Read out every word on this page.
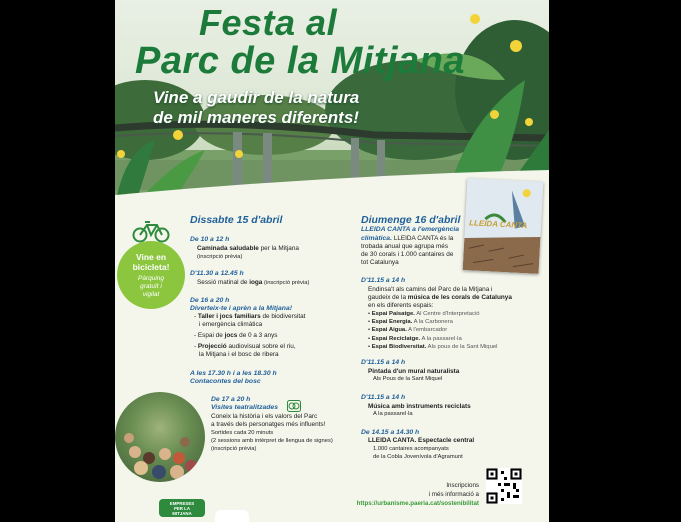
Festa al
Parc de la Mitjana
Vine a gaudir de la natura
de mil maneres diferents!
Vine en
bicicleta!
Pàrquing
gratuït i
vigilat
Dissabte 15 d'abril
De 10 a 12 h
Caminada saludable per la Mitjana
(inscripció prèvia)
D'11.30 a 12.45 h
Sessió matinal de ioga (inscripció prèvia)
De 16 a 20 h
Diverteix-te i aprèn a la Mitjana!
- Taller i jocs familiars de biodiversitat
i emergència climàtica
- Espai de jocs de 0 a 3 anys
- Projecció audiovisual sobre el riu,
la Mitjana i el bosc de ribera
A les 17.30 h i a les 18.30 h
Contacontes del bosc
De 17 a 20 h
Visites teatralitzades
Coneix la història i els valors del Parc
a través dels personatges més influents!
Sortides cada 20 minuts
(2 sessions amb intèrpret de llengua de signes)
(inscripció prèvia)
Diumenge 16 d'abril
LLEIDA CANTA a l'emergència
climàtica. LLEIDA CANTA és la
trobada anual que agrupa més
de 30 corals i 1.000 cantaires de
tot Catalunya
LLEIDA CANTA
D'11.15 a 14 h
Endinsa't als camins del Parc de la Mitjana i
gaudeix de la música de les corals de Catalunya
en els diferents espais:
• Espai Paisatge. Al Centre d'Interpretació
• Espai Energia. A la Carbonera
• Espai Aigua. A l'embarcador
• Espai Reciclatge. A la passarel·la
• Espai Biodiversitat. Als pous de la Sant Miquel
D'11.15 a 14 h
Pintada d'un mural naturalista
Als Pous de la Sant Miquel
D'11.15 a 14 h
Música amb instruments reciclats
A la passarel·la
De 14.15 a 14.30 h
LLEIDA CANTA. Espectacle central
1.000 cantaires acompanyats
de la Cobla Jovenívola d'Agramunt
Inscripcions
i més informació a
https://urbanisme.paeria.cat/sostenibilitat
EMPRESES
PER LA
MITJANA
